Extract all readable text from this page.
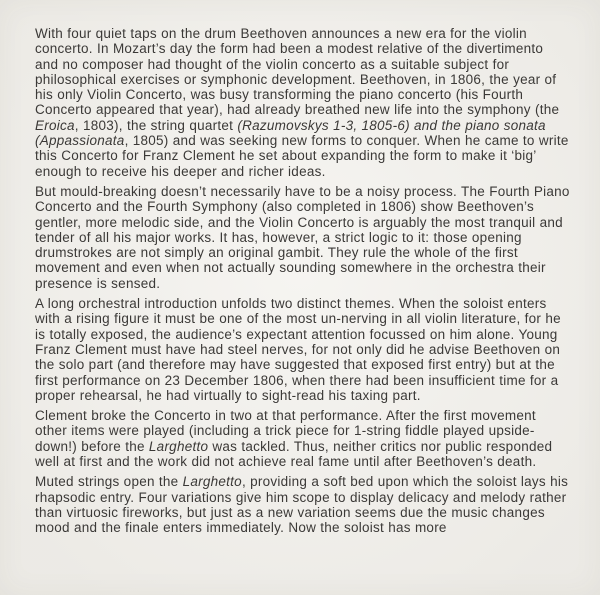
With four quiet taps on the drum Beethoven announces a new era for the violin concerto. In Mozart’s day the form had been a modest relative of the divertimento and no composer had thought of the violin concerto as a suitable subject for philosophical exercises or symphonic development. Beethoven, in 1806, the year of his only Violin Concerto, was busy transforming the piano concerto (his Fourth Concerto appeared that year), had already breathed new life into the symphony (the Eroica, 1803), the string quartet (Razumovskys 1-3, 1805-6) and the piano sonata (Appassionata, 1805) and was seeking new forms to conquer. When he came to write this Concerto for Franz Clement he set about expanding the form to make it ‘big’ enough to receive his deeper and richer ideas.

But mould-breaking doesn’t necessarily have to be a noisy process. The Fourth Piano Concerto and the Fourth Symphony (also completed in 1806) show Beethoven’s gentler, more melodic side, and the Violin Concerto is arguably the most tranquil and tender of all his major works. It has, however, a strict logic to it: those opening drumstrokes are not simply an original gambit. They rule the whole of the first movement and even when not actually sounding somewhere in the orchestra their presence is sensed.

A long orchestral introduction unfolds two distinct themes. When the soloist enters with a rising figure it must be one of the most un-nerving in all violin literature, for he is totally exposed, the audience’s expectant attention focussed on him alone. Young Franz Clement must have had steel nerves, for not only did he advise Beethoven on the solo part (and therefore may have suggested that exposed first entry) but at the first performance on 23 December 1806, when there had been insufficient time for a proper rehearsal, he had virtually to sight-read his taxing part.

Clement broke the Concerto in two at that performance. After the first movement other items were played (including a trick piece for 1-string fiddle played upside-down!) before the Larghetto was tackled. Thus, neither critics nor public responded well at first and the work did not achieve real fame until after Beethoven’s death.

Muted strings open the Larghetto, providing a soft bed upon which the soloist lays his rhapsodic entry. Four variations give him scope to display delicacy and melody rather than virtuosic fireworks, but just as a new variation seems due the music changes mood and the finale enters immediately. Now the soloist has more
